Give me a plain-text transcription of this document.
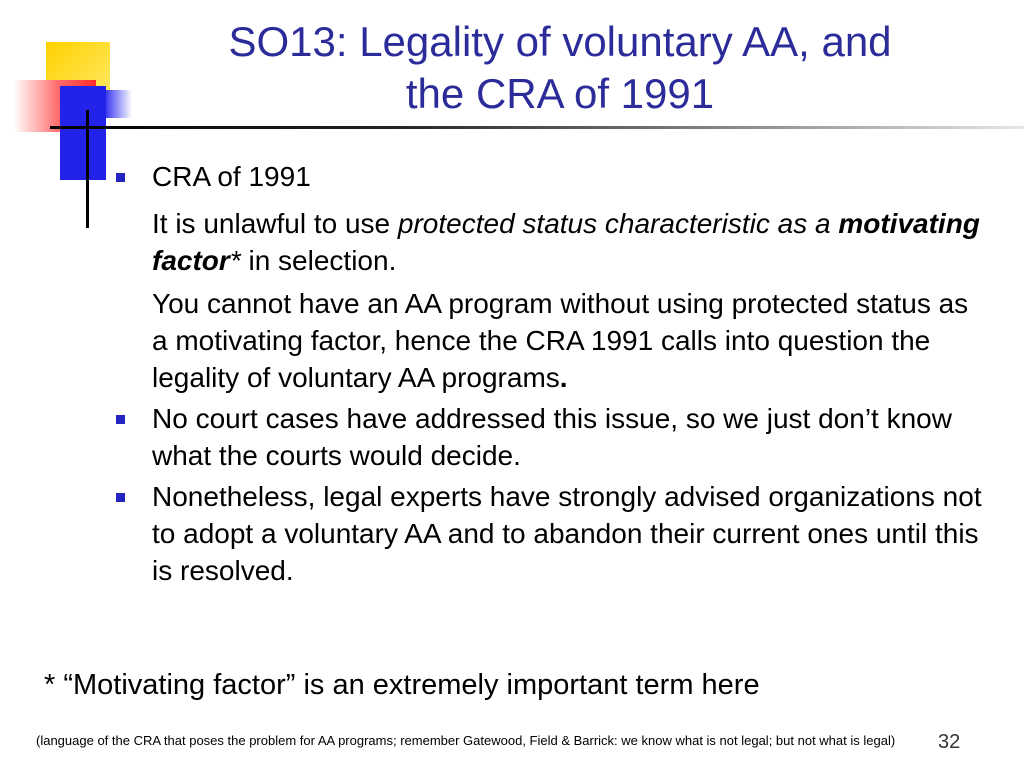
SO13: Legality of voluntary AA, and
the CRA of 1991
CRA of 1991
It is unlawful to use protected status characteristic as a motivating factor* in selection.
You cannot have an AA program without using protected status as a motivating factor, hence the CRA 1991 calls into question the legality of voluntary AA programs.
No court cases have addressed this issue, so we just don’t know what the courts would decide.
Nonetheless, legal experts have strongly advised organizations not to adopt a voluntary AA and to abandon their current ones until this is resolved.
* “Motivating factor” is an extremely important term here
(language of the CRA that poses the problem for AA programs; remember Gatewood, Field & Barrick: we know what is not legal; but not what is legal) 32
